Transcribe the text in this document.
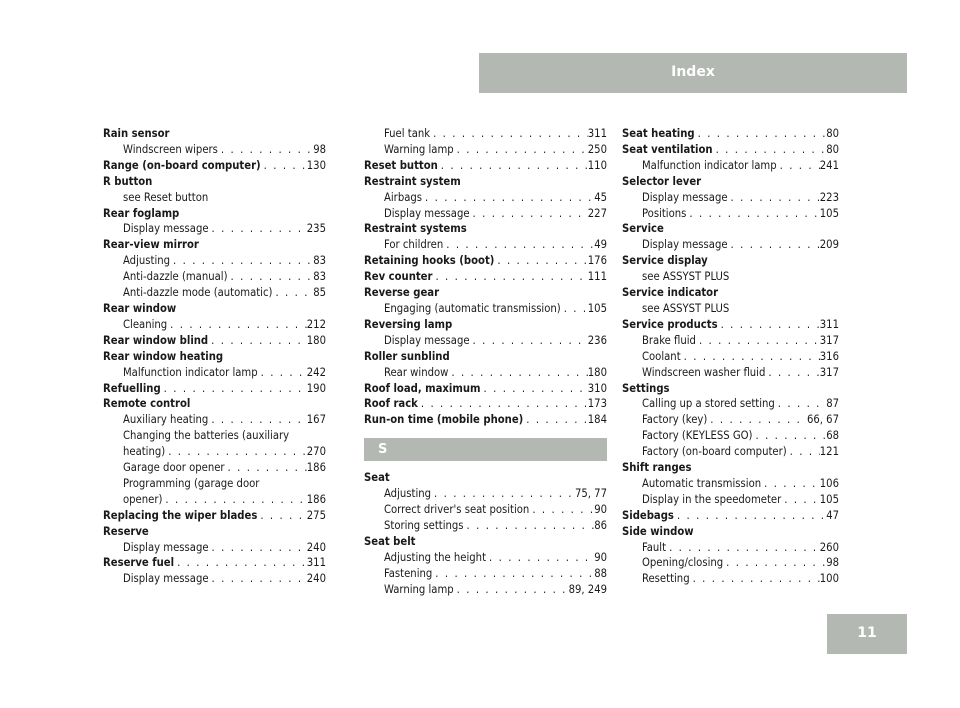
Index
11
Rain sensor
Windscreen wipers . . .	98
Range (on-board computer) . . .	130
R button
see Reset button
Rear foglamp
Display message . . .	235
Rear-view mirror
Adjusting . . .	83
Anti-dazzle (manual) . . .	83
Anti-dazzle mode (automatic) . . .	85
Rear window
Cleaning . . .	212
Rear window blind . . .	180
Rear window heating
Malfunction indicator lamp . . .	242
Refuelling . . .	190
Remote control
Auxiliary heating . . .	167
Changing the batteries (auxiliary
heating) . . .	270
Garage door opener . . .	186
Programming (garage door
opener) . . .	186
Replacing the wiper blades . . .	275
Reserve
Display message . . .	240
Reserve fuel . . .	311
Display message . . .	240
Fuel tank . . .	311
Warning lamp . . .	250
Reset button . . .	110
Restraint system
Airbags . . .	45
Display message . . .	227
Restraint systems
For children . . .	49
Retaining hooks (boot) . . .	176
Rev counter . . .	111
Reverse gear
Engaging (automatic transmission) . . . 105
Reversing lamp
Display message . . .	236
Roller sunblind
Rear window . . .	180
Roof load, maximum . . .	310
Roof rack . . .	173
Run-on time (mobile phone) . . .	184
S
Seat
Adjusting . . .	75, 77
Correct driver's seat position . . .	90
Storing settings . . .	86
Seat belt
Adjusting the height . . .	90
Fastening . . .	88
Warning lamp . . .	89, 249
Seat heating . . .	80
Seat ventilation . . .	80
Malfunction indicator lamp . . .	241
Selector lever
Display message . . .	223
Positions . . .	105
Service
Display message . . .	209
Service display
see ASSYST PLUS
Service indicator
see ASSYST PLUS
Service products . . .	311
Brake fluid . . .	317
Coolant . . .	316
Windscreen washer fluid . . .	317
Settings
Calling up a stored setting . . .	87
Factory (key) . . .	66, 67
Factory (KEYLESS GO) . . .	68
Factory (on-board computer) . . .	121
Shift ranges
Automatic transmission . . .	106
Display in the speedometer . . .	105
Sidebags . . .	47
Side window
Fault . . .	260
Opening/closing . . .	98
Resetting . . .	100
